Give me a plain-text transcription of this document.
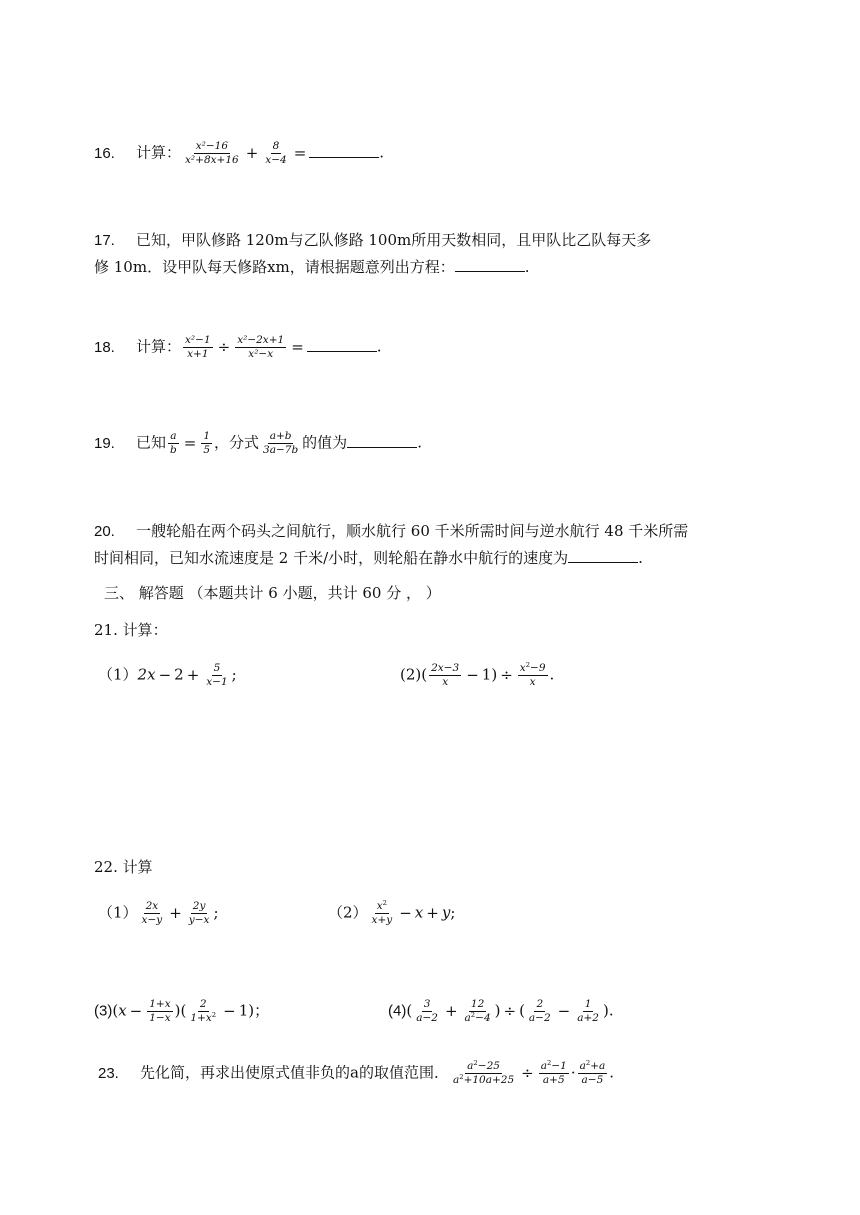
16. 计算： $\frac{\text{x²−16}}{\text{x²+8x+16}} + \frac{8}{x-4}$ =	.
17. 已知，甲队修路 120m与乙队修路 100m所用天数相同，且甲队比乙队每天多
修 10m．设甲队每天修路xm，请根据题意列出方程：	.
18. 计算： $\frac{\text{x²−1}}{x+1} \div \frac{\text{x²−2x+1}}{\text{x²−x}}$ =	.
19. 已知 $\frac{a}{b} = \frac{1}{5}$ ，分式 $\frac{a+b}{3a-7b}$ 的值为	.
20. 一艘轮船在两个码头之间航行，顺水航行 60 千米所需时间与逆水航行 48 千米所需
时间相同，已知水流速度是 2 千米/小时，则轮船在静水中航行的速度为	.
三、 解答题 （本题共计 6 小题，共计 60 分 ， ）
21. 计算：
$(1)2x - 2 + \frac{5}{x-1}$ ;	$(2)( \frac{2x-3}{x} - 1) \div \frac{x^2-9}{x}$ .
22. 计算
$(1) \frac{2x}{x-y} + \frac{2y}{y-x}$ ;	$(2) \frac{x^2}{x+y} - x + y$;
$(3)(x - \frac{1+x}{1-x}$ )( $\frac{2}{1+x^2} - 1$)；	$(4)( \frac{3}{a-2} + \frac{12}{a^2-4}$ ) ÷ ( $\frac{2}{a-2} - \frac{1}{a+2}$ ).
23. 先化简，再求出使原式值非负的a的取值范围． $\frac{a^2-25}{a^2+10a+25} \div \frac{a^2-1}{a+5} \cdot \frac{a^2+a}{a-5}$ .
